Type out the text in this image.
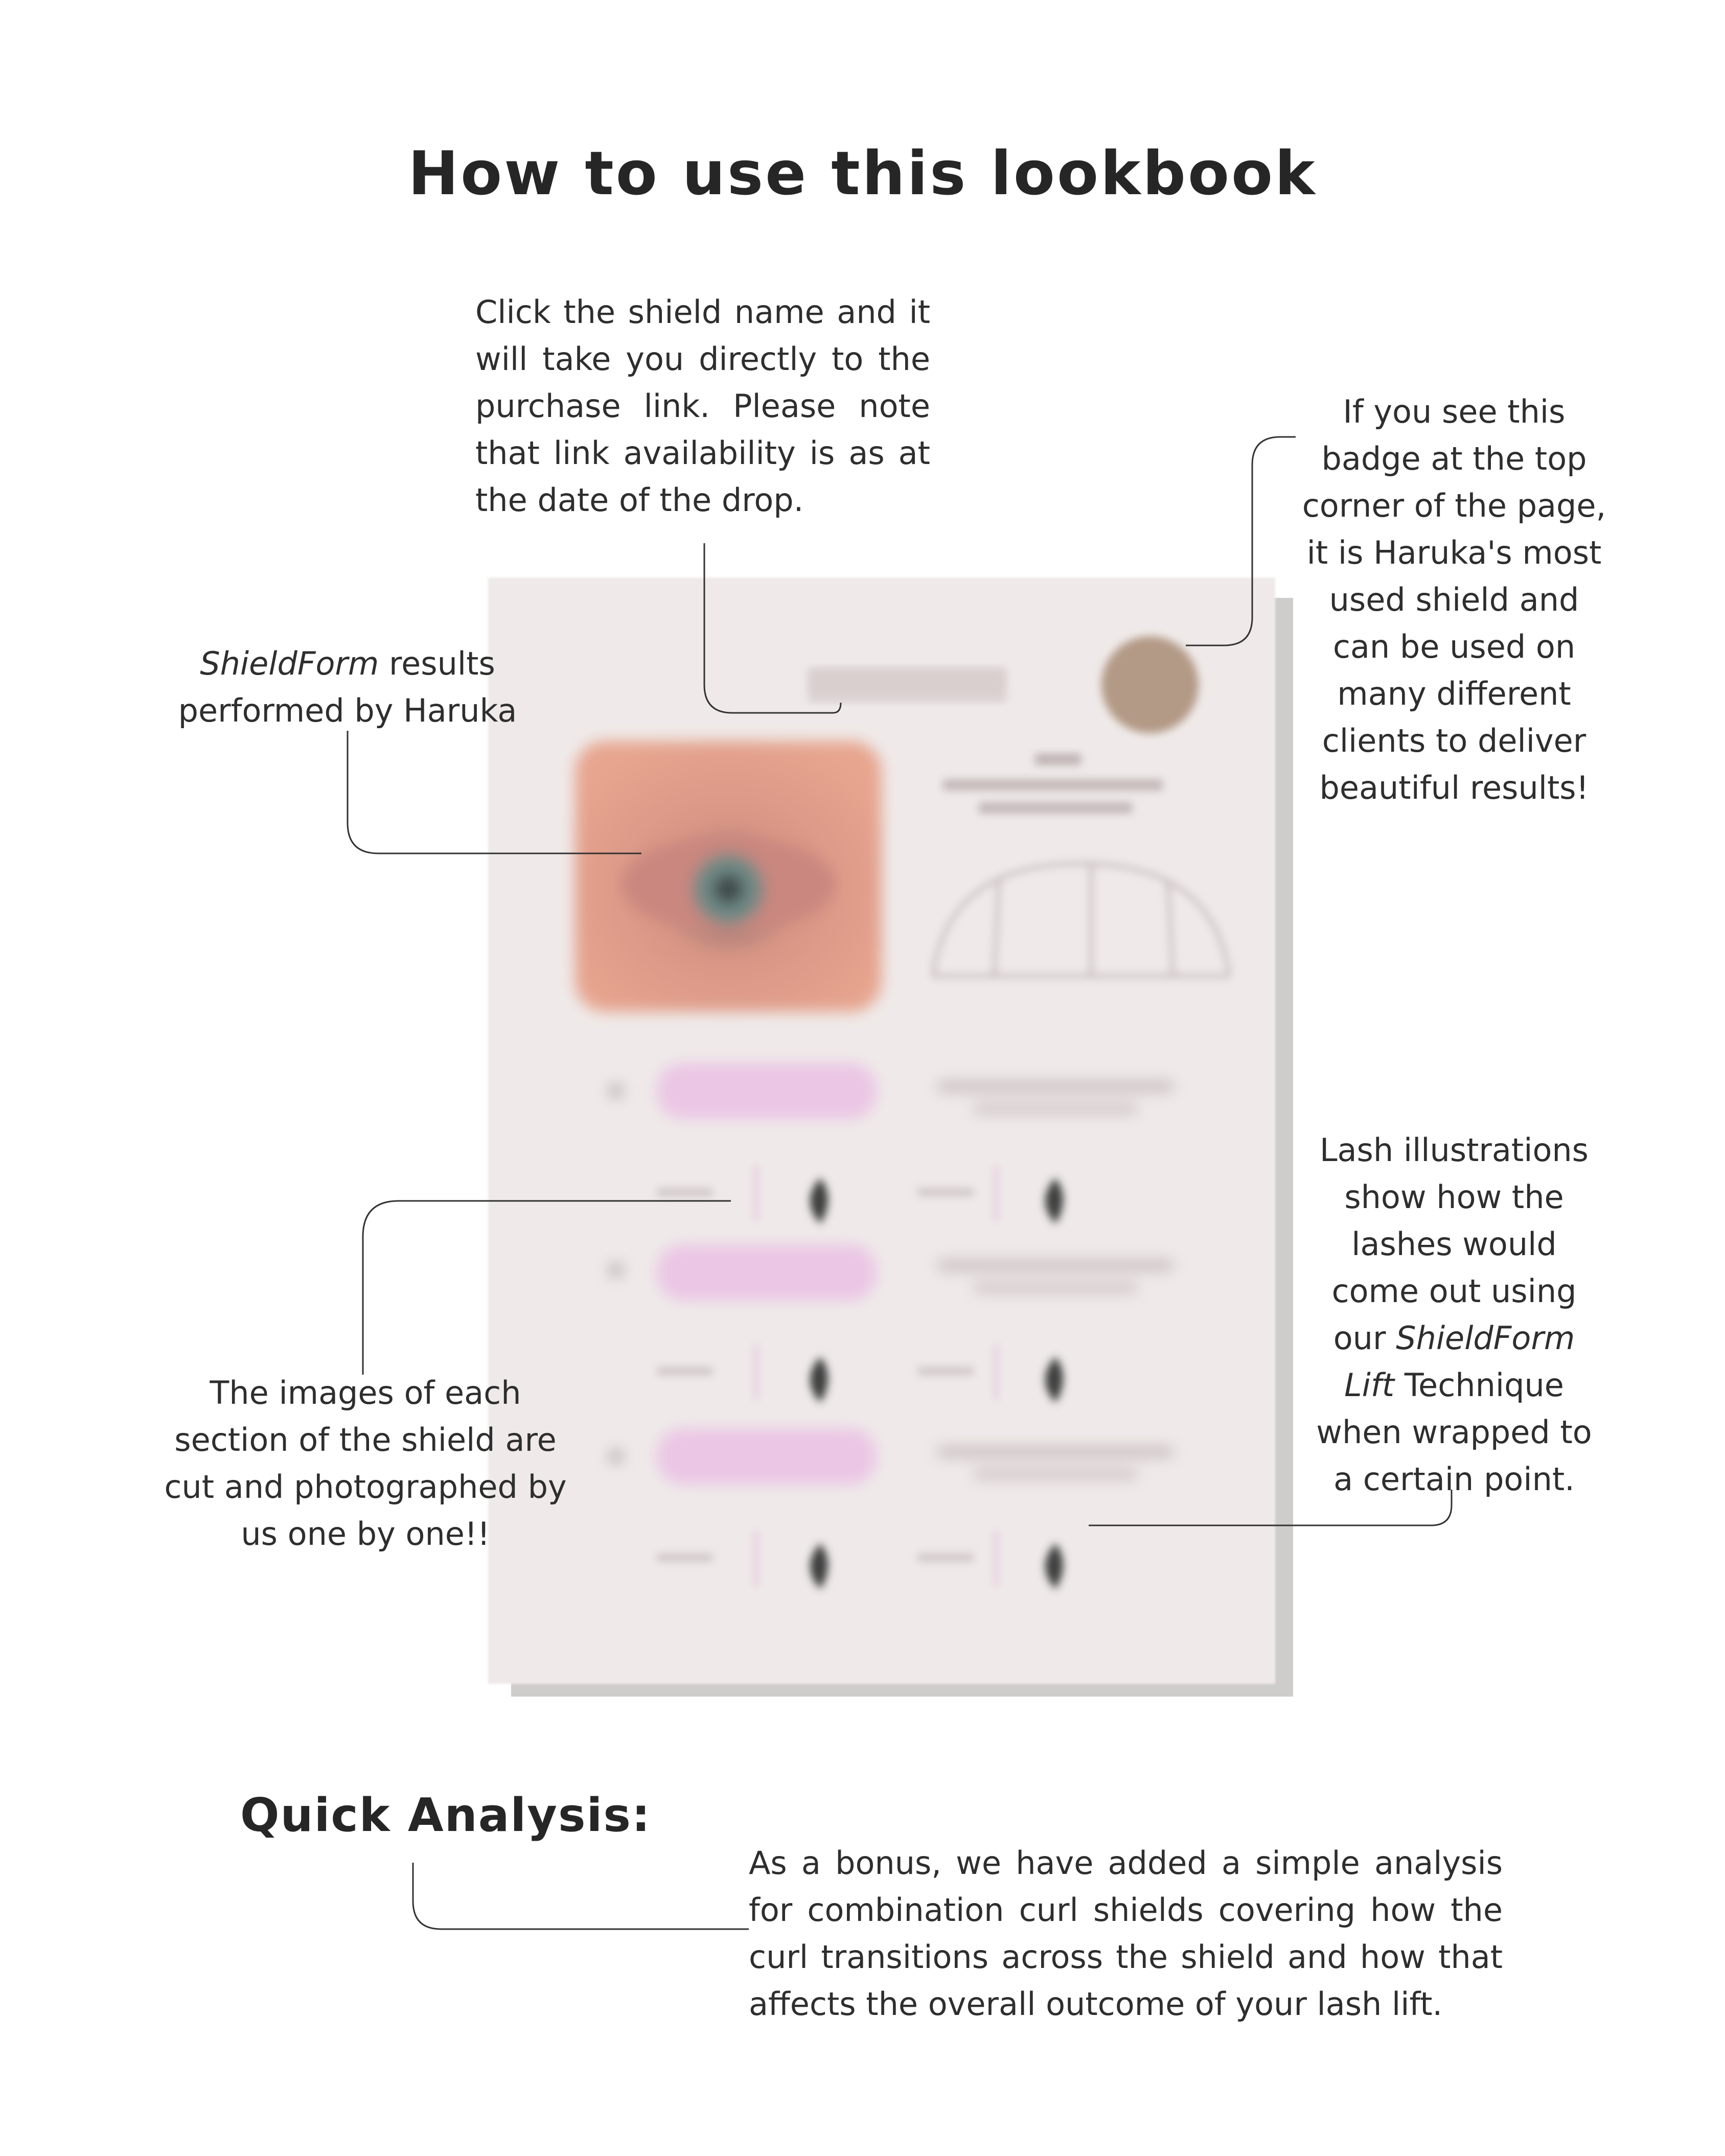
How to use this lookbook

Click the shield name and it will take you directly to the purchase link. Please note that link availability is as at the date of the drop.

If you see this

badge at the top

corner of the page,

it is Haruka's most

used shield and

can be used on

many different

clients to deliver

beautiful results!

ShieldForm results

performed by Haruka

The images of each

section of the shield are

cut and photographed by

us one by one!!

Lash illustrations

show how the

lashes would

come out using

our ShieldForm

Lift Technique

when wrapped to

a certain point.

Quick Analysis:

As a bonus, we have added a simple analysis for combination curl shields covering how the curl transitions across the shield and how that affects the overall outcome of your lash lift.
